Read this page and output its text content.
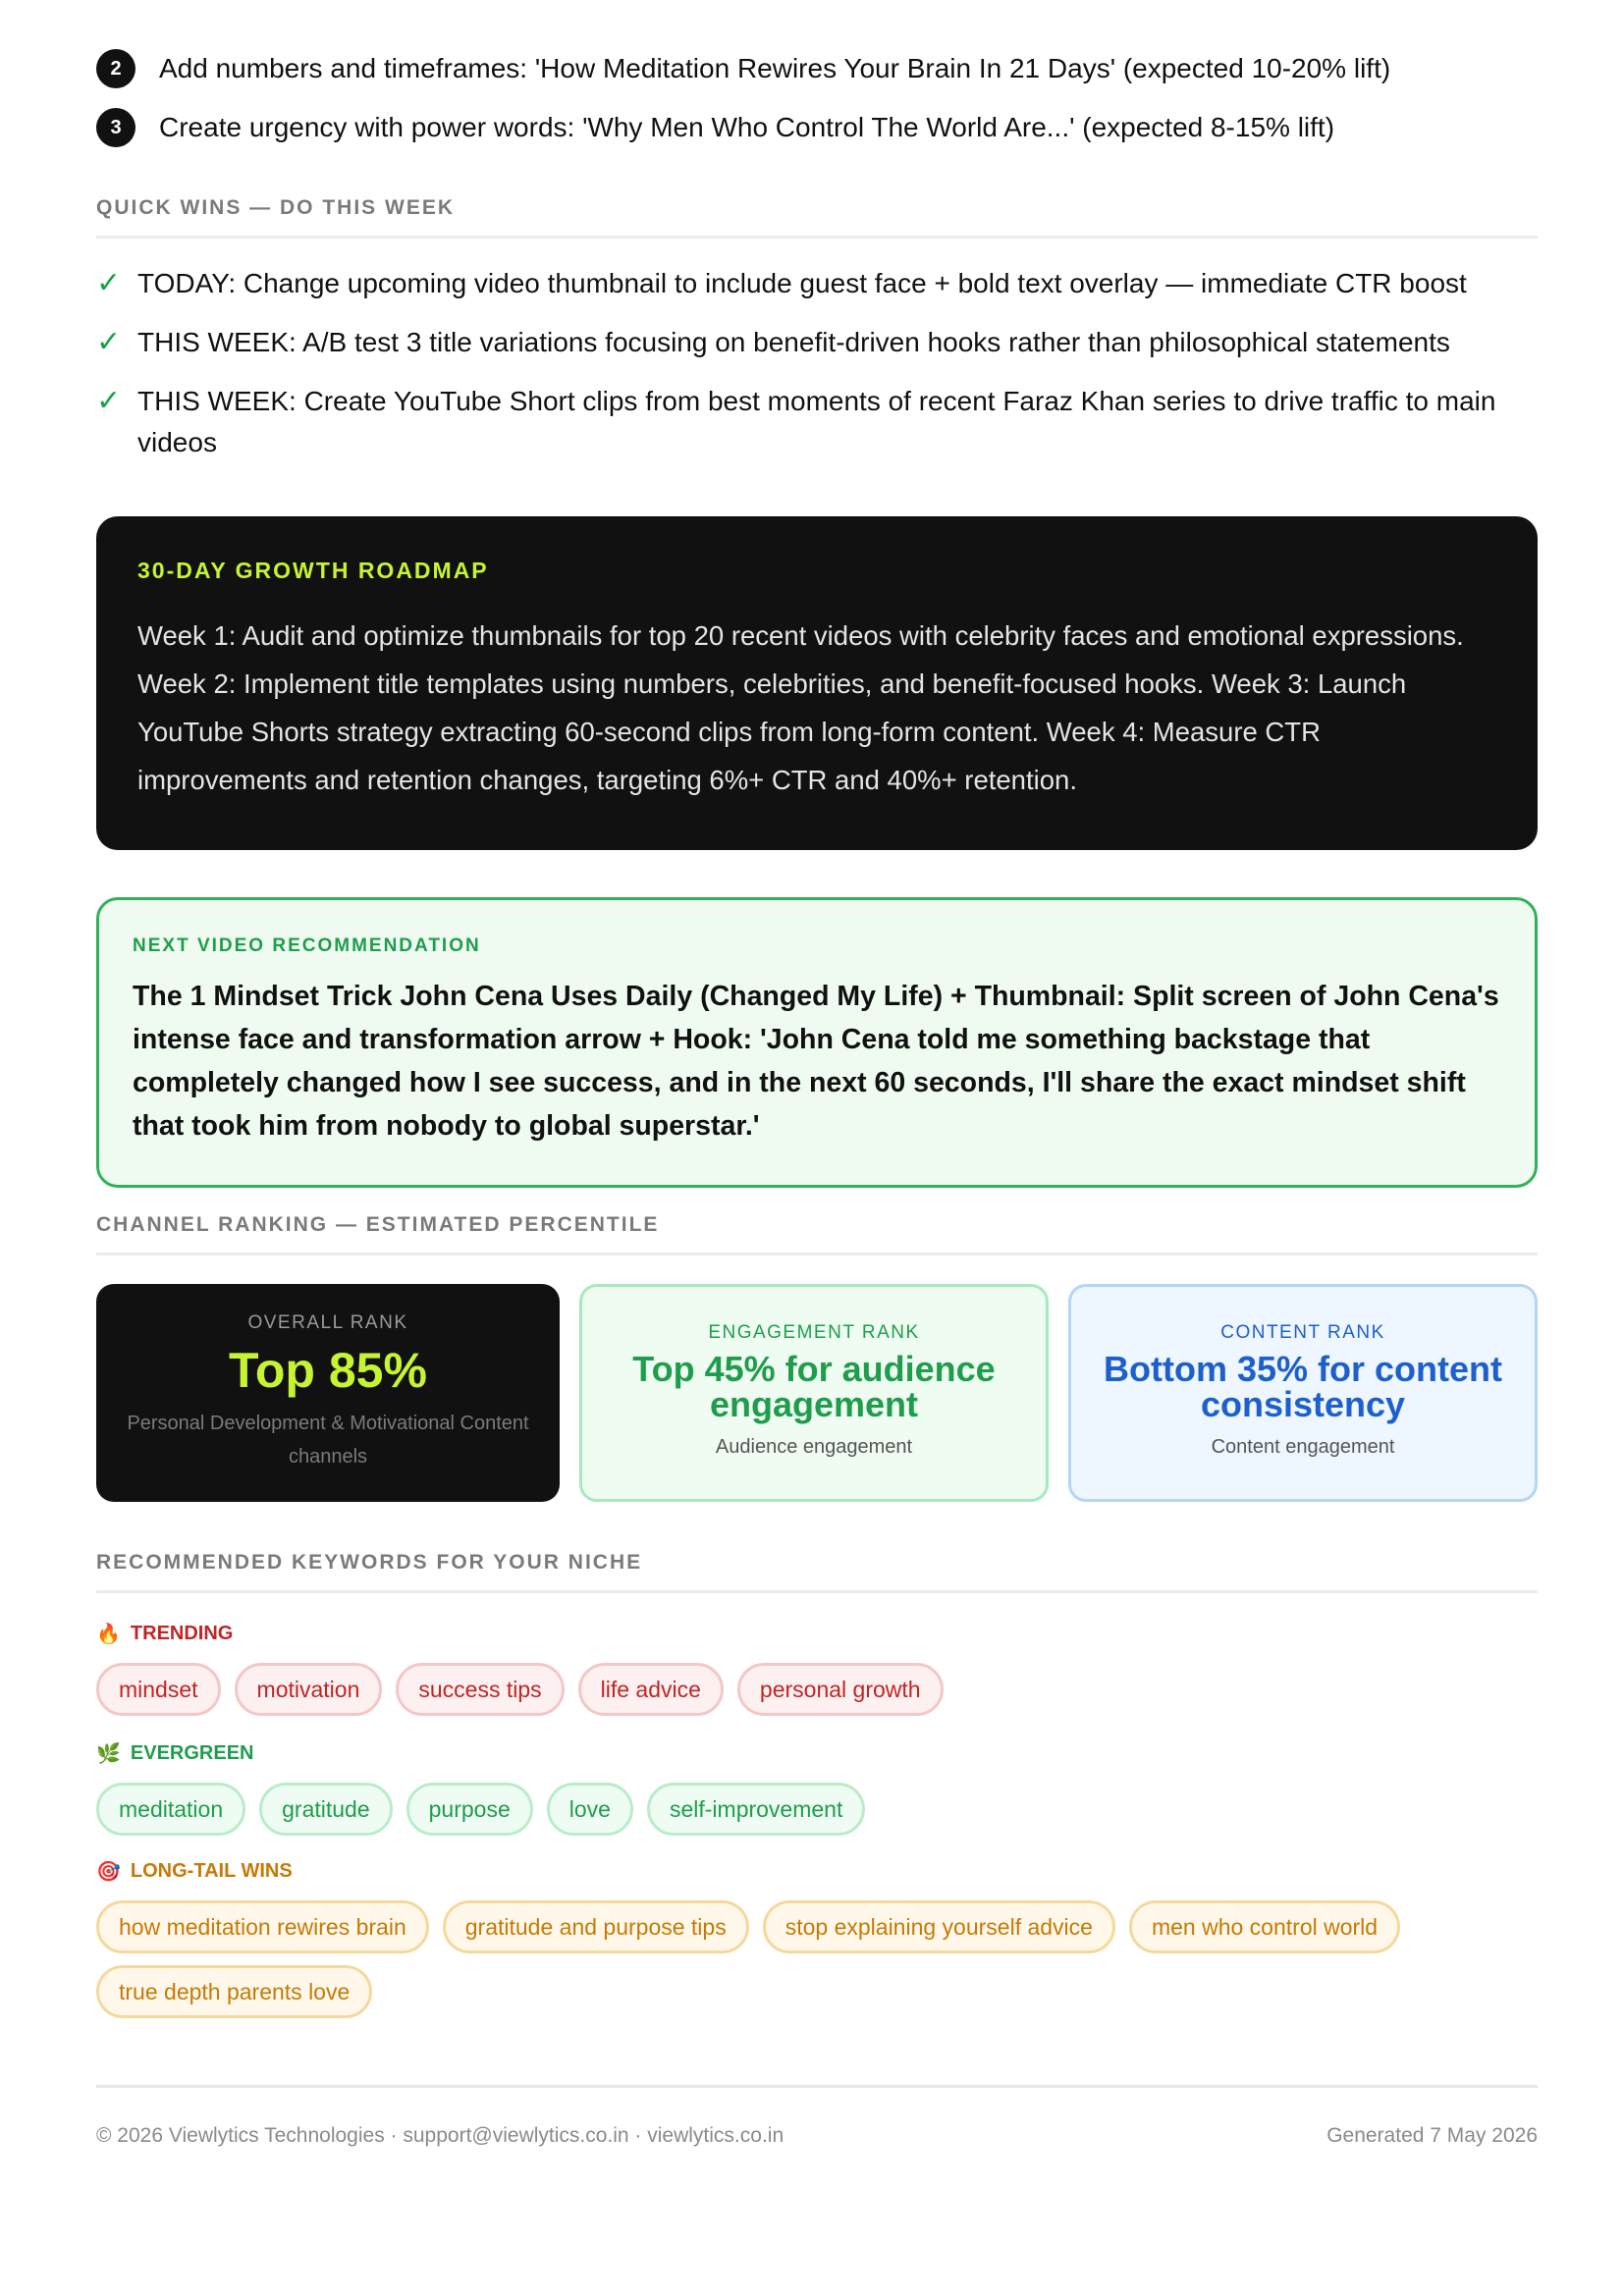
2	Add numbers and timeframes: 'How Meditation Rewires Your Brain In 21 Days' (expected 10-20% lift)
3	Create urgency with power words: 'Why Men Who Control The World Are...' (expected 8-15% lift)
QUICK WINS — DO THIS WEEK
✓ TODAY: Change upcoming video thumbnail to include guest face + bold text overlay — immediate CTR boost
✓ THIS WEEK: A/B test 3 title variations focusing on benefit-driven hooks rather than philosophical statements
✓ THIS WEEK: Create YouTube Short clips from best moments of recent Faraz Khan series to drive traffic to main videos
30-DAY GROWTH ROADMAP
Week 1: Audit and optimize thumbnails for top 20 recent videos with celebrity faces and emotional expressions. Week 2: Implement title templates using numbers, celebrities, and benefit-focused hooks. Week 3: Launch YouTube Shorts strategy extracting 60-second clips from long-form content. Week 4: Measure CTR improvements and retention changes, targeting 6%+ CTR and 40%+ retention.
NEXT VIDEO RECOMMENDATION
The 1 Mindset Trick John Cena Uses Daily (Changed My Life) + Thumbnail: Split screen of John Cena's intense face and transformation arrow + Hook: 'John Cena told me something backstage that completely changed how I see success, and in the next 60 seconds, I'll share the exact mindset shift that took him from nobody to global superstar.'
CHANNEL RANKING — ESTIMATED PERCENTILE
OVERALL RANK
Top 85%
Personal Development & Motivational Content channels
ENGAGEMENT RANK
Top 45% for audience engagement
Audience engagement
CONTENT RANK
Bottom 35% for content consistency
Content engagement
RECOMMENDED KEYWORDS FOR YOUR NICHE
🔥 TRENDING
mindset	motivation	success tips	life advice	personal growth
🌿 EVERGREEN
meditation	gratitude	purpose	love	self-improvement
🎯 LONG-TAIL WINS
how meditation rewires brain	gratitude and purpose tips	stop explaining yourself advice	men who control world
true depth parents love
© 2026 Viewlytics Technologies · support@viewlytics.co.in · viewlytics.co.in	Generated 7 May 2026
